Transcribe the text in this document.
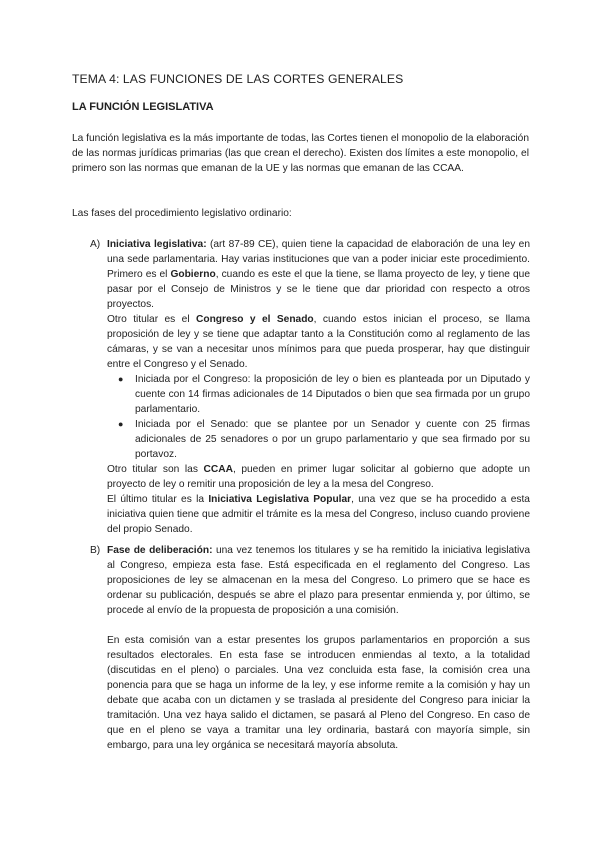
TEMA 4: LAS FUNCIONES DE LAS CORTES GENERALES
LA FUNCIÓN LEGISLATIVA

La función legislativa es la más importante de todas, las Cortes tienen el monopolio de la elaboración de las normas jurídicas primarias (las que crean el derecho). Existen dos límites a este monopolio, el primero son las normas que emanan de la UE y las normas que emanan de las CCAA.

Las fases del procedimiento legislativo ordinario:
A) Iniciativa legislativa: (art 87-89 CE), quien tiene la capacidad de elaboración de una ley en una sede parlamentaria. Hay varias instituciones que van a poder iniciar este procedimiento. Primero es el Gobierno, cuando es este el que la tiene, se llama proyecto de ley, y tiene que pasar por el Consejo de Ministros y se le tiene que dar prioridad con respecto a otros proyectos.

Otro titular es el Congreso y el Senado, cuando estos inician el proceso, se llama proposición de ley y se tiene que adaptar tanto a la Constitución como al reglamento de las cámaras, y se van a necesitar unos mínimos para que pueda prosperar, hay que distinguir entre el Congreso y el Senado.

● Iniciada por el Congreso: la proposición de ley o bien es planteada por un Diputado y cuente con 14 firmas adicionales de 14 Diputados o bien que sea firmada por un grupo parlamentario.
● Iniciada por el Senado: que se plantee por un Senador y cuente con 25 firmas adicionales de 25 senadores o por un grupo parlamentario y que sea firmado por su portavoz.

Otro titular son las CCAA, pueden en primer lugar solicitar al gobierno que adopte un proyecto de ley o remitir una proposición de ley a la mesa del Congreso.

El último titular es la Iniciativa Legislativa Popular, una vez que se ha procedido a esta iniciativa quien tiene que admitir el trámite es la mesa del Congreso, incluso cuando proviene del propio Senado.

B) Fase de deliberación: una vez tenemos los titulares y se ha remitido la iniciativa legislativa al Congreso, empieza esta fase. Está especificada en el reglamento del Congreso. Las proposiciones de ley se almacenan en la mesa del Congreso. Lo primero que se hace es ordenar su publicación, después se abre el plazo para presentar enmienda y, por último, se procede al envío de la propuesta de proposición a una comisión.

En esta comisión van a estar presentes los grupos parlamentarios en proporción a sus resultados electorales. En esta fase se introducen enmiendas al texto, a la totalidad (discutidas en el pleno) o parciales. Una vez concluida esta fase, la comisión crea una ponencia para que se haga un informe de la ley, y ese informe remite a la comisión y hay un debate que acaba con un dictamen y se traslada al presidente del Congreso para iniciar la tramitación. Una vez haya salido el dictamen, se pasará al Pleno del Congreso. En caso de que en el pleno se vaya a tramitar una ley ordinaria, bastará con mayoría simple, sin embargo, para una ley orgánica se necesitará mayoría absoluta.
